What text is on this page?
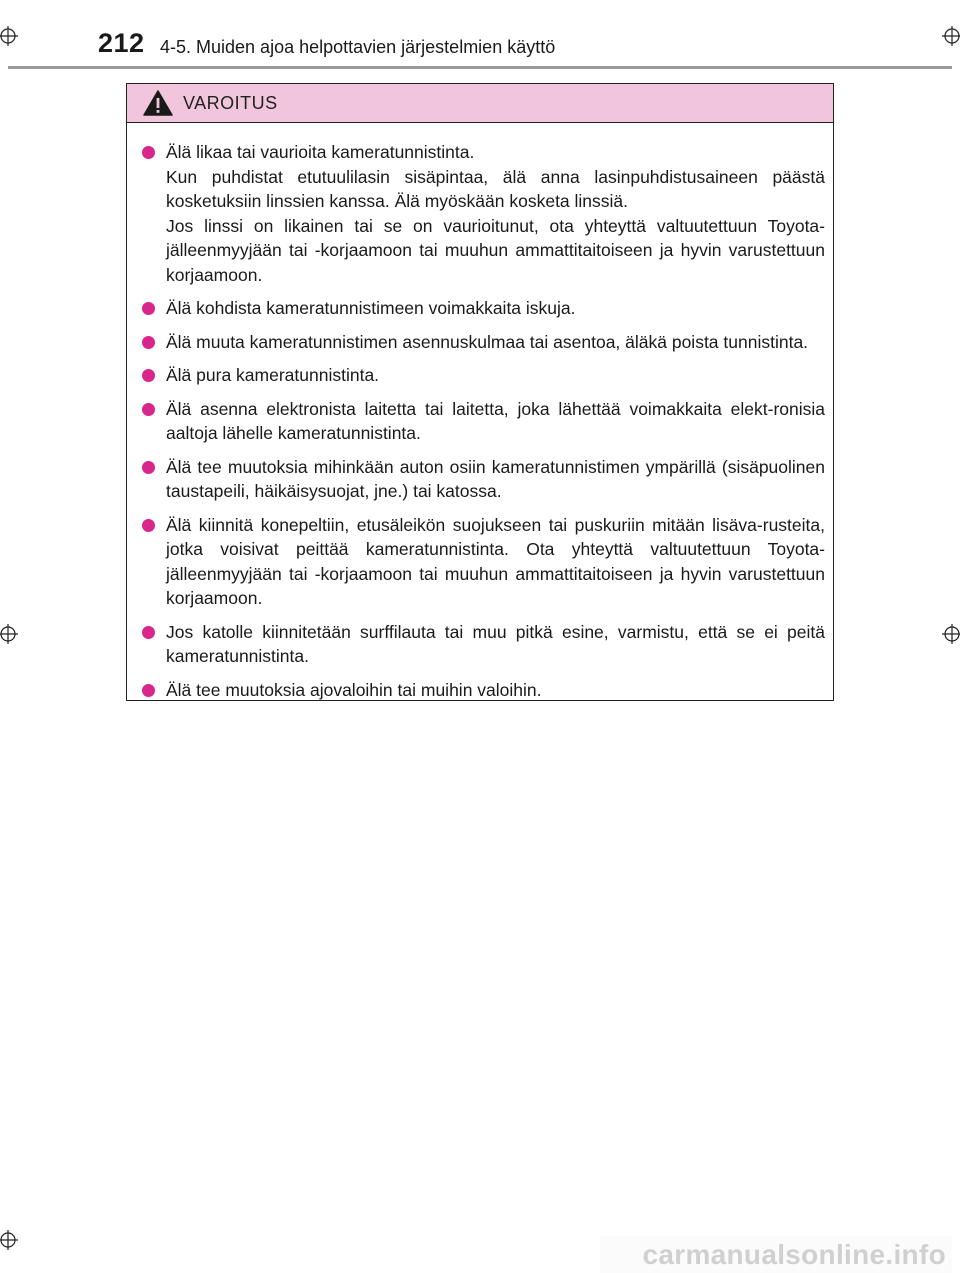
212 4-5. Muiden ajoa helpottavien järjestelmien käyttö
VAROITUS

Älä likaa tai vaurioita kameratunnistinta.

Kun puhdistat etutuulilasin sisäpintaa, älä anna lasinpuhdistusaineen päästä kosketuksiin linssien kanssa. Älä myöskään kosketa linssiä.

Jos linssi on likainen tai se on vaurioitunut, ota yhteyttä valtuutettuun Toyota-jälleenmyyjään tai -korjaamoon tai muuhun ammattitaitoiseen ja hyvin varustettuun korjaamoon.

Älä kohdista kameratunnistimeen voimakkaita iskuja.

Älä muuta kameratunnistimen asennuskulmaa tai asentoa, äläkä poista tunnistinta.

Älä pura kameratunnistinta.

Älä asenna elektronista laitetta tai laitetta, joka lähettää voimakkaita elekt-ronisia aaltoja lähelle kameratunnistinta.

Älä tee muutoksia mihinkään auton osiin kameratunnistimen ympärillä (sisäpuolinen taustapeili, häikäisysuojat, jne.) tai katossa.

Älä kiinnitä konepeltiin, etusäleikön suojukseen tai puskuriin mitään lisäva-rusteita, jotka voisivat peittää kameratunnistinta. Ota yhteyttä valtuutettuun Toyota-jälleenmyyjään tai -korjaamoon tai muuhun ammattitaitoiseen ja hyvin varustettuun korjaamoon.

Jos katolle kiinnitetään surffilauta tai muu pitkä esine, varmistu, että se ei peitä kameratunnistinta.

Älä tee muutoksia ajovaloihin tai muihin valoihin.

carmanualsonline.info
